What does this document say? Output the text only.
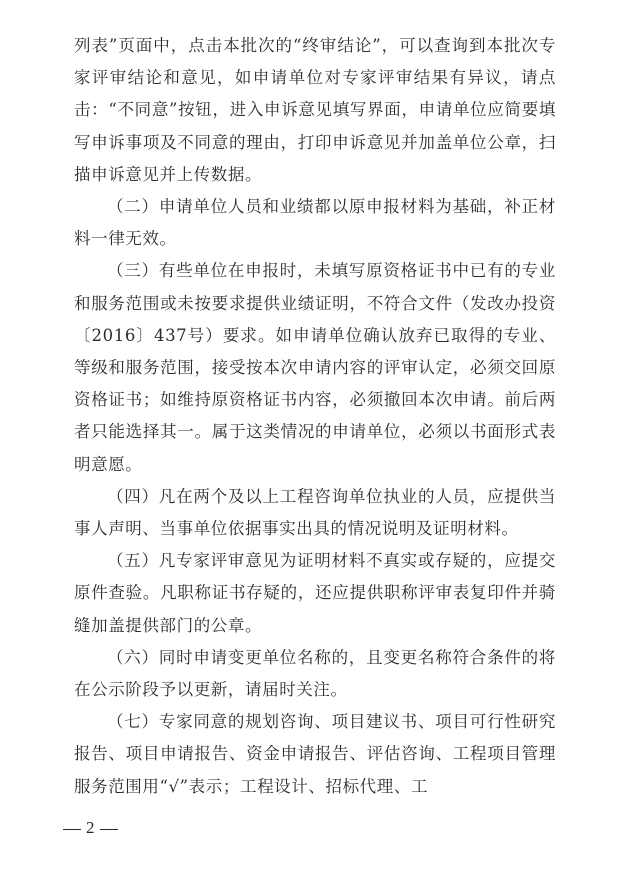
列表”页面中，点击本批次的“终审结论”，可以查询到本批次专家评审结论和意见，如申请单位对专家评审结果有异议，请点击：“不同意”按钮，进入申诉意见填写界面，申请单位应简要填写申诉事项及不同意的理由，打印申诉意见并加盖单位公章，扫描申诉意见并上传数据。

（二）申请单位人员和业绩都以原申报材料为基础，补正材料一律无效。

（三）有些单位在申报时，未填写原资格证书中已有的专业和服务范围或未按要求提供业绩证明，不符合文件（发改办投资〔2016〕437号）要求。如申请单位确认放弃已取得的专业、等级和服务范围，接受按本次申请内容的评审认定，必须交回原资格证书；如维持原资格证书内容，必须撤回本次申请。前后两者只能选择其一。属于这类情况的申请单位，必须以书面形式表明意愿。

（四）凡在两个及以上工程咨询单位执业的人员，应提供当事人声明、当事单位依据事实出具的情况说明及证明材料。

（五）凡专家评审意见为证明材料不真实或存疑的，应提交原件查验。凡职称证书存疑的，还应提供职称评审表复印件并骑缝加盖提供部门的公章。

（六）同时申请变更单位名称的，且变更名称符合条件的将在公示阶段予以更新，请届时关注。

（七）专家同意的规划咨询、项目建议书、项目可行性研究报告、项目申请报告、资金申请报告、评估咨询、工程项目管理服务范围用“√”表示；工程设计、招标代理、工

2
